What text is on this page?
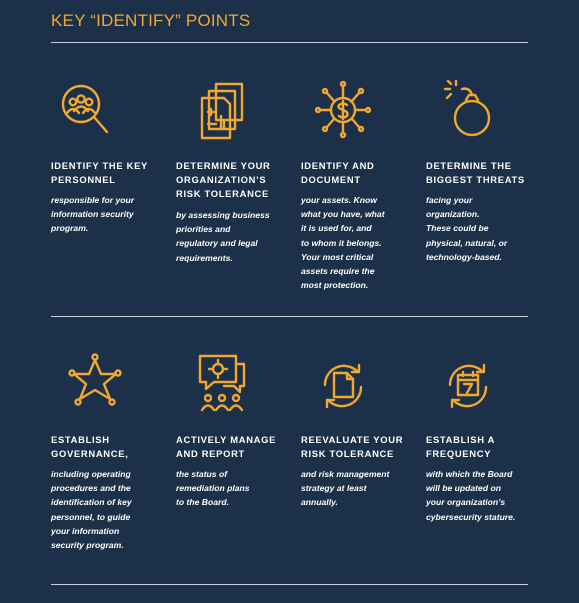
KEY “IDENTIFY” POINTS
IDENTIFY THE KEY
PERSONNEL
responsible for your
information security
program.
DETERMINE YOUR
ORGANIZATION’S
RISK TOLERANCE
by assessing business
priorities and
regulatory and legal
requirements.
IDENTIFY AND
DOCUMENT
your assets. Know
what you have, what
it is used for, and
to whom it belongs.
Your most critical
assets require the
most protection.
DETERMINE THE
BIGGEST THREATS
facing your
organization.
These could be
physical, natural, or
technology-based.
ESTABLISH
GOVERNANCE,
including operating
procedures and the
identification of key
personnel, to guide
your information
security program.
ACTIVELY MANAGE
AND REPORT
the status of
remediation plans
to the Board.
REEVALUATE YOUR
RISK TOLERANCE
and risk management
strategy at least
annually.
ESTABLISH A
FREQUENCY
with which the Board
will be updated on
your organization’s
cybersecurity stature.
